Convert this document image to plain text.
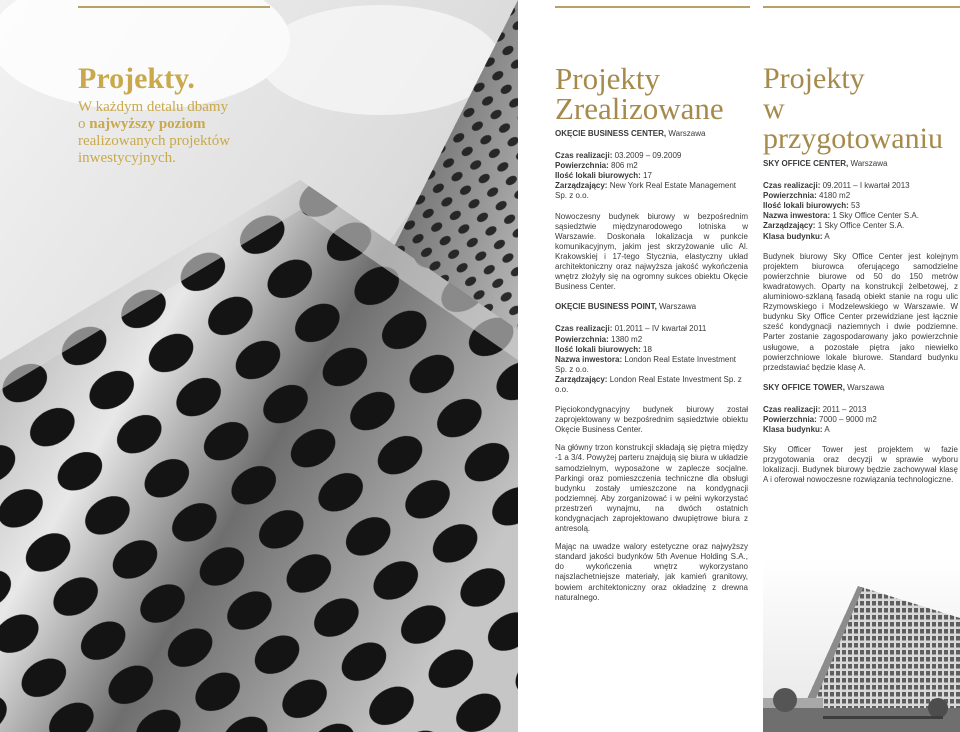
Projekty.

W każdym detalu dbamy
o najwyższy poziom
realizowanych projektów
inwestycyjnych.

Projekty
Zrealizowane

OKĘCIE BUSINESS CENTER, Warszawa

Czas realizacji: 03.2009 – 09.2009
Powierzchnia: 806 m2
Ilość lokali biurowych: 17
Zarządzający: New York Real Estate Management Sp. z o.o.

Nowoczesny budynek biurowy w bezpośrednim sąsiedztwie międzynarodowego lotniska w Warszawie. Doskonała lokalizacja w punkcie komunikacyjnym, jakim jest skrzyżowanie ulic Al. Krakowskiej i 17-tego Stycznia, elastyczny układ architektoniczny oraz najwyższa jakość wykończenia wnętrz złożyły się na ogromny sukces obiektu Okęcie Business Center.

OKĘCIE BUSINESS POINT, Warszawa

Czas realizacji: 01.2011 – IV kwartał 2011
Powierzchnia: 1380 m2
Ilość lokali biurowych: 18
Nazwa inwestora: London Real Estate Investment Sp. z o.o.
Zarządzający: London Real Estate Investment Sp. z o.o.

Pięciokondygnacyjny budynek biurowy został zaprojektowany w bezpośrednim sąsiedztwie obiektu Okęcie Business Center.

Na główny trzon konstrukcji składają się piętra między -1 a 3/4. Powyżej parteru znajdują się biura w układzie samodzielnym, wyposażone w zaplecze socjalne. Parkingi oraz pomieszczenia techniczne dla obsługi budynku zostały umieszczone na kondygnacji podziemnej. Aby zorganizować i w pełni wykorzystać przestrzeń wynajmu, na dwóch ostatnich kondygnacjach zaprojektowano dwupiętrowe biura z antresolą.

Mając na uwadze walory estetyczne oraz najwyższy standard jakości budynków 5th Avenue Holding S.A., do wykończenia wnętrz wykorzystano najszlachetniejsze materiały, jak kamień granitowy, bowiem architektoniczny oraz okładzinę z drewna naturalnego.

Projekty
w przygotowaniu

SKY OFFICE CENTER, Warszawa

Czas realizacji: 09.2011 – I kwartał 2013
Powierzchnia: 4180 m2
Ilość lokali biurowych: 53
Nazwa inwestora: 1 Sky Office Center S.A.
Zarządzający: 1 Sky Office Center S.A.
Klasa budynku: A

Budynek biurowy Sky Office Center jest kolejnym projektem biurowca oferującego samodzielne powierzchnie biurowe od 50 do 150 metrów kwadratowych. Oparty na konstrukcji żelbetowej, z aluminiowo-szklaną fasadą obiekt stanie na rogu ulic Rzymowskiego i Modzelewskiego w Warszawie. W budynku Sky Office Center przewidziane jest łącznie sześć kondygnacji naziemnych i dwie podziemne. Parter zostanie zagospodarowany jako powierzchnie usługowe, a pozostałe piętra jako niewielko powierzchniowe lokale biurowe. Standard budynku przedstawiać będzie klasę A.

SKY OFFICE TOWER, Warszawa

Czas realizacji: 2011 – 2013
Powierzchnia: 7000 – 9000 m2
Klasa budynku: A

Sky Officer Tower jest projektem w fazie przygotowania oraz decyzji w sprawie wyboru lokalizacji. Budynek biurowy będzie zachowywał klasę A i oferował nowoczesne rozwiązania technologiczne.
